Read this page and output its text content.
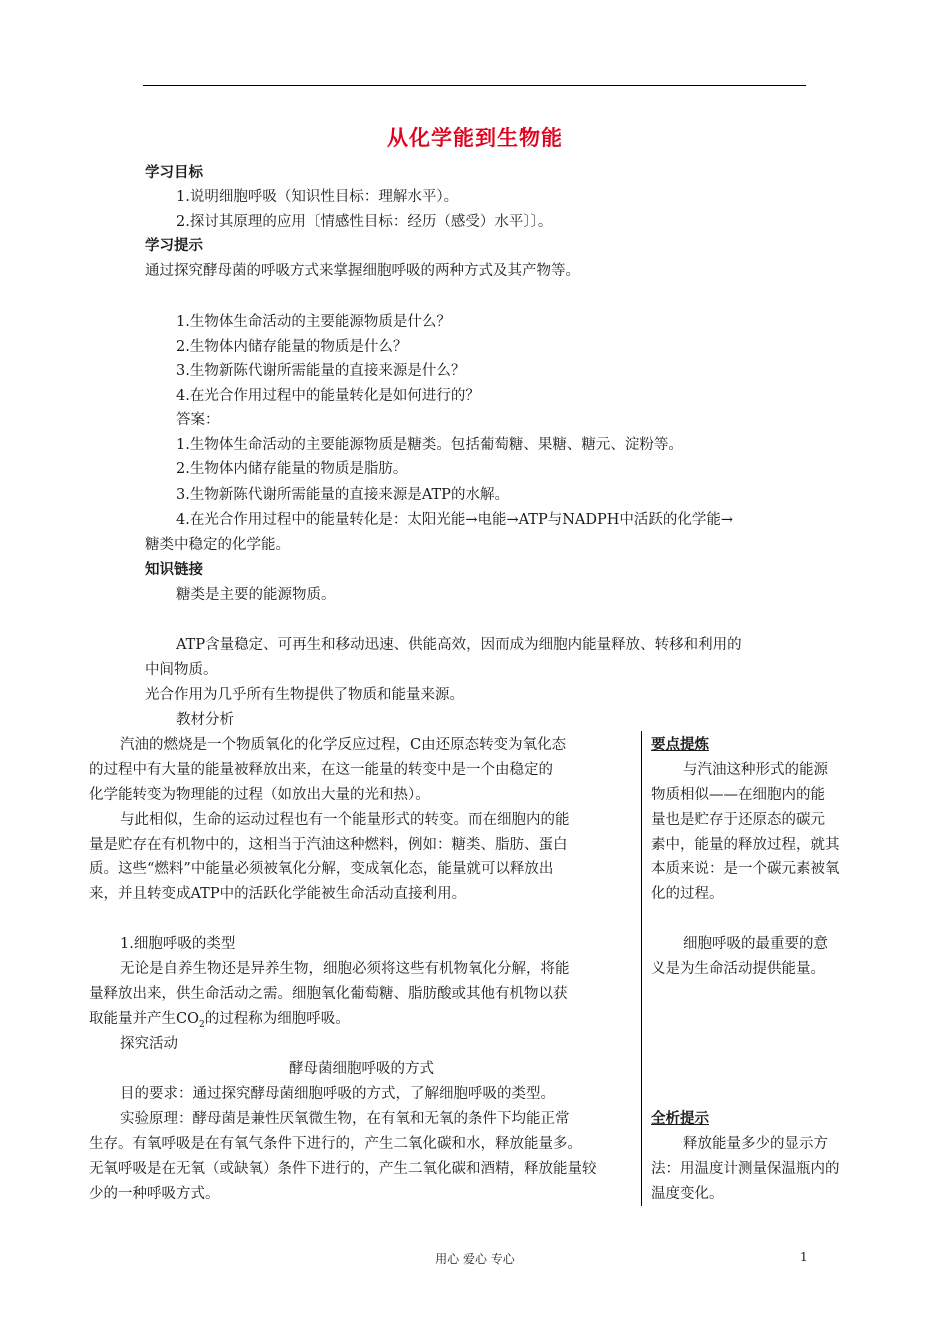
从化学能到生物能
学习目标
1.说明细胞呼吸（知识性目标：理解水平）。
2.探讨其原理的应用〔情感性目标：经历（感受）水平〕〕。
学习提示
通过探究酵母菌的呼吸方式来掌握细胞呼吸的两种方式及其产物等。
1.生物体生命活动的主要能源物质是什么？
2.生物体内储存能量的物质是什么？
3.生物新陈代谢所需能量的直接来源是什么？
4.在光合作用过程中的能量转化是如何进行的？
答案：
1.生物体生命活动的主要能源物质是糖类。包括葡萄糖、果糖、糖元、淀粉等。
2.生物体内储存能量的物质是脂肪。
3.生物新陈代谢所需能量的直接来源是ATP的水解。
4.在光合作用过程中的能量转化是：太阳光能→电能→ATP与NADPH中活跃的化学能→
糖类中稳定的化学能。
知识链接
糖类是主要的能源物质。
ATP含量稳定、可再生和移动迅速、供能高效，因而成为细胞内能量释放、转移和利用的
中间物质。
光合作用为几乎所有生物提供了物质和能量来源。
教材分析
汽油的燃烧是一个物质氧化的化学反应过程，C由还原态转变为氧化态
的过程中有大量的能量被释放出来，在这一能量的转变中是一个由稳定的
化学能转变为物理能的过程（如放出大量的光和热）。
与此相似，生命的运动过程也有一个能量形式的转变。而在细胞内的能
量是贮存在有机物中的，这相当于汽油这种燃料，例如：糖类、脂肪、蛋白
质。这些“燃料”中能量必须被氧化分解，变成氧化态，能量就可以释放出
来，并且转变成ATP中的活跃化学能被生命活动直接利用。
1.细胞呼吸的类型
无论是自养生物还是异养生物，细胞必须将这些有机物氧化分解，将能
量释放出来，供生命活动之需。细胞氧化葡萄糖、脂肪酸或其他有机物以获
取能量并产生$CO_2$的过程称为细胞呼吸。
探究活动
酵母菌细胞呼吸的方式
目的要求：通过探究酵母菌细胞呼吸的方式，了解细胞呼吸的类型。
实验原理：酵母菌是兼性厌氧微生物，在有氧和无氧的条件下均能正常
生存。有氧呼吸是在有氧气条件下进行的，产生二氧化碳和水，释放能量多。
无氧呼吸是在无氧（或缺氧）条件下进行的，产生二氧化碳和酒精，释放能量较
少的一种呼吸方式。
要点提炼
与汽油这种形式的能源
物质相似——在细胞内的能
量也是贮存于还原态的碳元
素中，能量的释放过程，就其
本质来说：是一个碳元素被氧
化的过程。
细胞呼吸的最重要的意
义是为生命活动提供能量。
全析提示
释放能量多少的显示方
法：用温度计测量保温瓶内的
温度变化。
用心 爱心 专心	1
